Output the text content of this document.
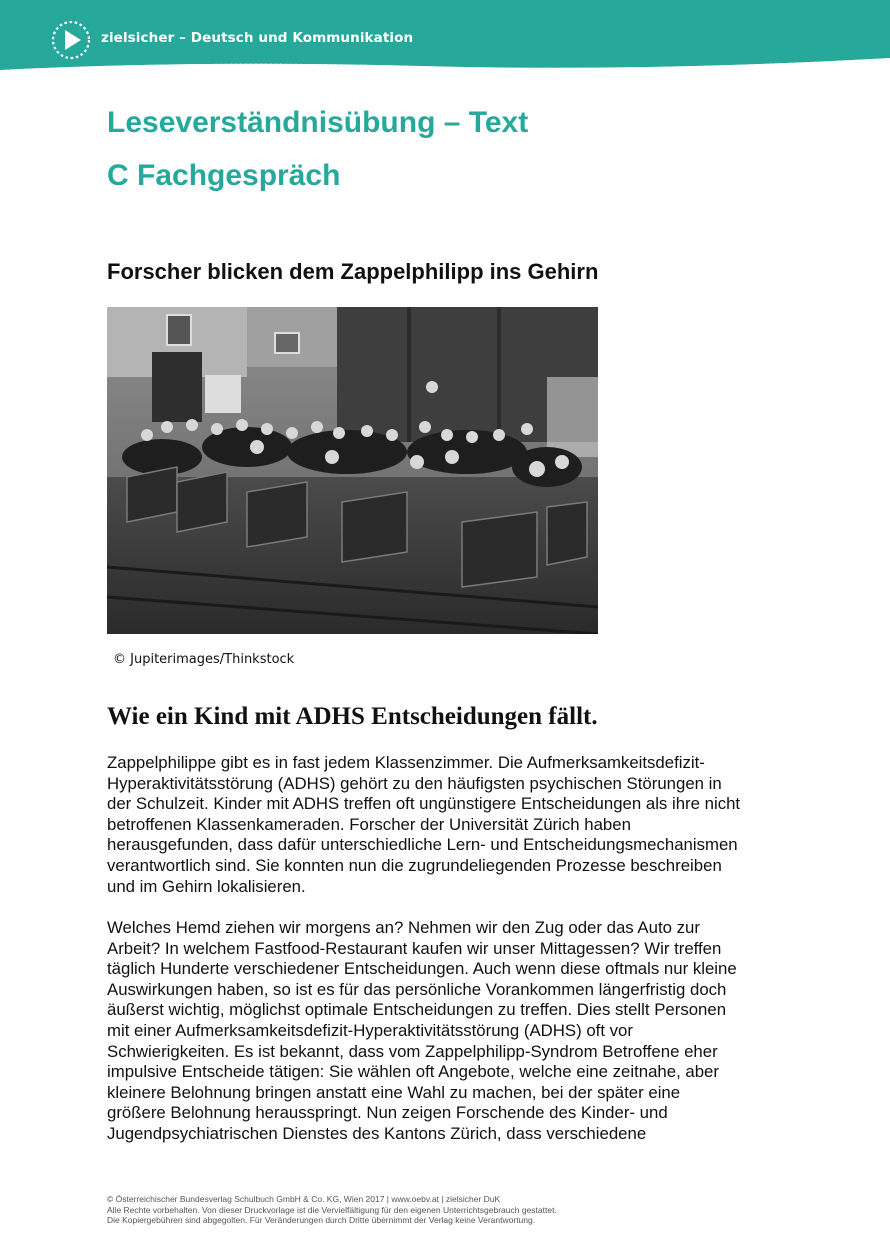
zielsicher – Deutsch und Kommunikation
Leseverständnisübung – Text
C Fachgespräch
Forscher blicken dem Zappelphilipp ins Gehirn
© Jupiterimages/Thinkstock
Wie ein Kind mit ADHS Entscheidungen fällt.
Zappelphilippe gibt es in fast jedem Klassenzimmer. Die Aufmerksamkeitsdefizit-
Hyperaktivitätsstörung (ADHS) gehört zu den häufigsten psychischen Störungen in
der Schulzeit. Kinder mit ADHS treffen oft ungünstigere Entscheidungen als ihre nicht
betroffenen Klassenkameraden. Forscher der Universität Zürich haben
herausgefunden, dass dafür unterschiedliche Lern- und Entscheidungsmechanismen
verantwortlich sind. Sie konnten nun die zugrundeliegenden Prozesse beschreiben
und im Gehirn lokalisieren.
Welches Hemd ziehen wir morgens an? Nehmen wir den Zug oder das Auto zur
Arbeit? In welchem Fastfood-Restaurant kaufen wir unser Mittagessen? Wir treffen
täglich Hunderte verschiedener Entscheidungen. Auch wenn diese oftmals nur kleine
Auswirkungen haben, so ist es für das persönliche Vorankommen längerfristig doch
äußerst wichtig, möglichst optimale Entscheidungen zu treffen. Dies stellt Personen
mit einer Aufmerksamkeitsdefizit-Hyperaktivitätsstörung (ADHS) oft vor
Schwierigkeiten. Es ist bekannt, dass vom Zappelphilipp-Syndrom Betroffene eher
impulsive Entscheide tätigen: Sie wählen oft Angebote, welche eine zeitnahe, aber
kleinere Belohnung bringen anstatt eine Wahl zu machen, bei der später eine
größere Belohnung herausspringt. Nun zeigen Forschende des Kinder- und
Jugendpsychiatrischen Dienstes des Kantons Zürich, dass verschiedene
© Österreichischer Bundesverlag Schulbuch GmbH & Co. KG, Wien 2017 | www.oebv.at | zielsicher DuK
Alle Rechte vorbehalten. Von dieser Druckvorlage ist die Vervielfältigung für den eigenen Unterrichtsgebrauch gestattet.
Die Kopiergebühren sind abgegolten. Für Veränderungen durch Dritte übernimmt der Verlag keine Verantwortung.
